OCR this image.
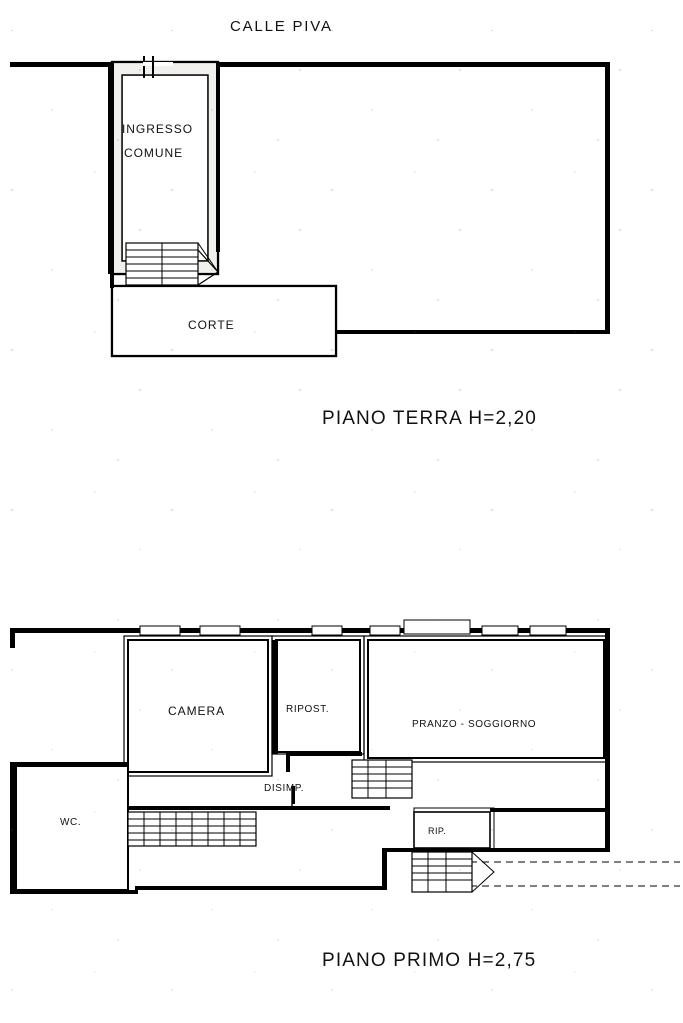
CALLE PIVA
INGRESSO
COMUNE
CORTE
PIANO TERRA H=2,20
CAMERA	RIPOST.
PRANZO - SOGGIORNO
DISIMP.
WC.
RIP.
PIANO PRIMO H=2,75
